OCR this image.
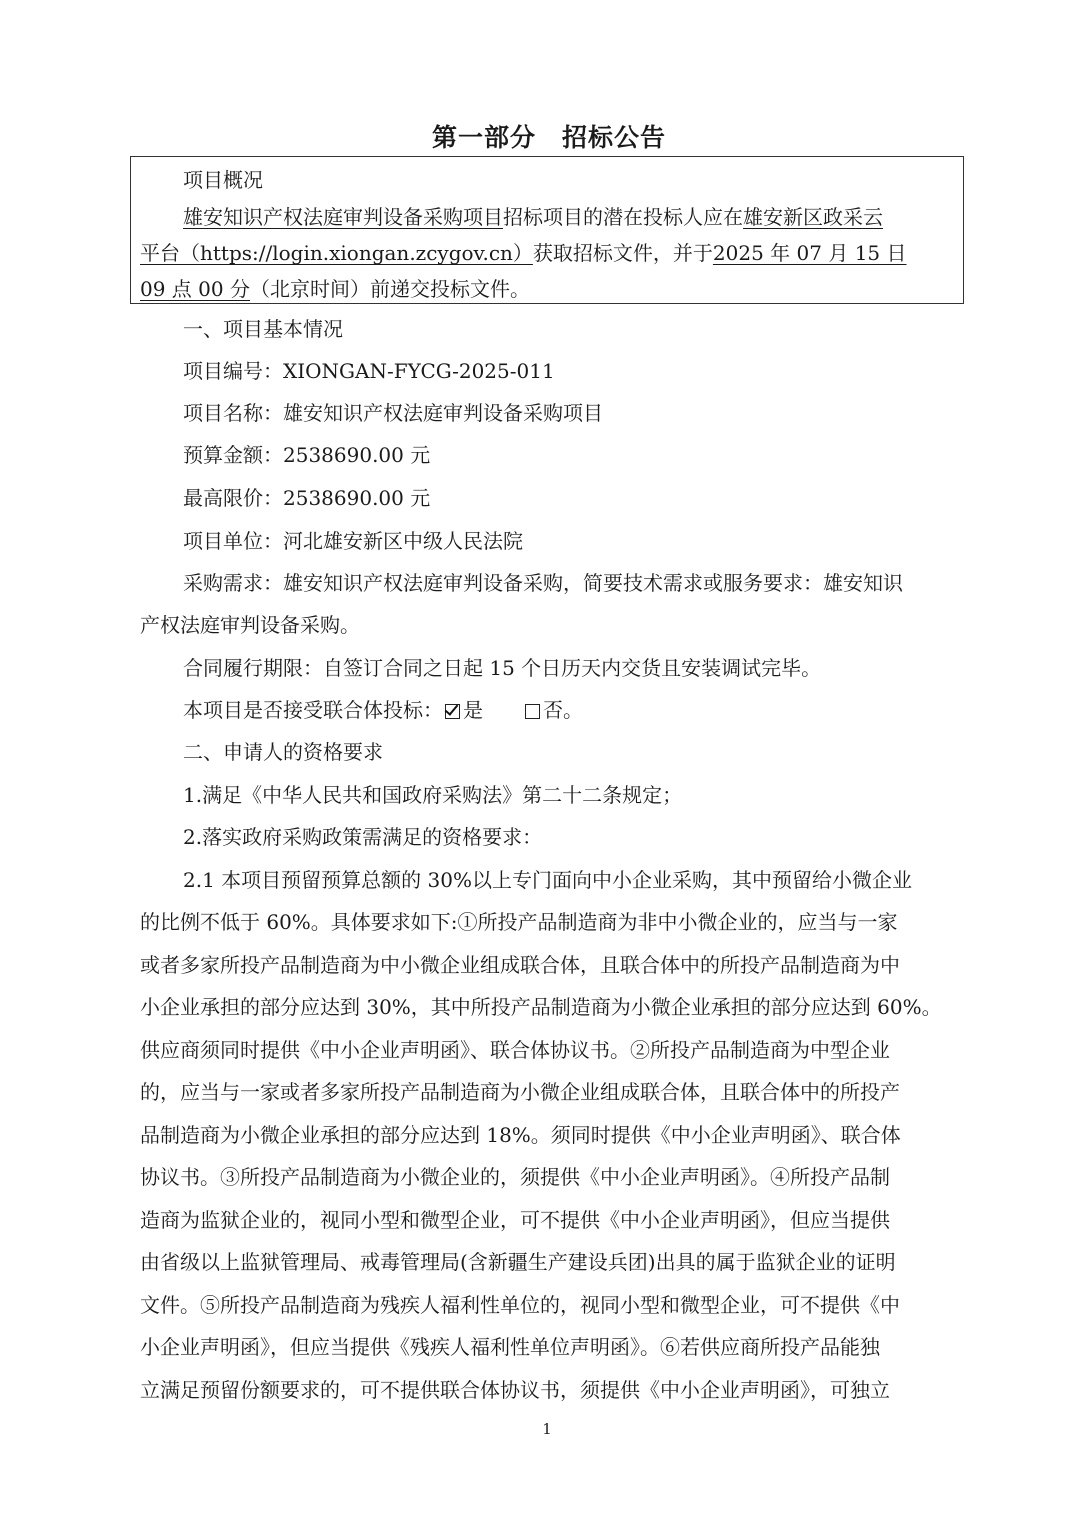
第一部分 招标公告

项目概况

雄安知识产权法庭审判设备采购项目招标项目的潜在投标人应在雄安新区政采云

平台（https://login.xiongan.zcygov.cn）获取招标文件，并于2025 年 07 月 15 日

09 点 00 分（北京时间）前递交投标文件。

一、项目基本情况

项目编号：XIONGAN-FYCG-2025-011

项目名称：雄安知识产权法庭审判设备采购项目

预算金额：2538690.00 元

最高限价：2538690.00 元

项目单位：河北雄安新区中级人民法院

采购需求：雄安知识产权法庭审判设备采购，简要技术需求或服务要求：雄安知识

产权法庭审判设备采购。

合同履行期限：自签订合同之日起 15 个日历天内交货且安装调试完毕。

本项目是否接受联合体投标： 是	否。

二、申请人的资格要求

1.满足《中华人民共和国政府采购法》第二十二条规定；

2.落实政府采购政策需满足的资格要求：

2.1 本项目预留预算总额的 30%以上专门面向中小企业采购，其中预留给小微企业

的比例不低于 60%。具体要求如下:①所投产品制造商为非中小微企业的，应当与一家

或者多家所投产品制造商为中小微企业组成联合体，且联合体中的所投产品制造商为中

小企业承担的部分应达到 30%，其中所投产品制造商为小微企业承担的部分应达到 60%。

供应商须同时提供《中小企业声明函》、联合体协议书。②所投产品制造商为中型企业

的，应当与一家或者多家所投产品制造商为小微企业组成联合体，且联合体中的所投产

品制造商为小微企业承担的部分应达到 18%。须同时提供《中小企业声明函》、联合体

协议书。③所投产品制造商为小微企业的，须提供《中小企业声明函》。④所投产品制

造商为监狱企业的，视同小型和微型企业，可不提供《中小企业声明函》，但应当提供

由省级以上监狱管理局、戒毒管理局(含新疆生产建设兵团)出具的属于监狱企业的证明

文件。⑤所投产品制造商为残疾人福利性单位的，视同小型和微型企业，可不提供《中

小企业声明函》，但应当提供《残疾人福利性单位声明函》。⑥若供应商所投产品能独

立满足预留份额要求的，可不提供联合体协议书，须提供《中小企业声明函》，可独立

1
